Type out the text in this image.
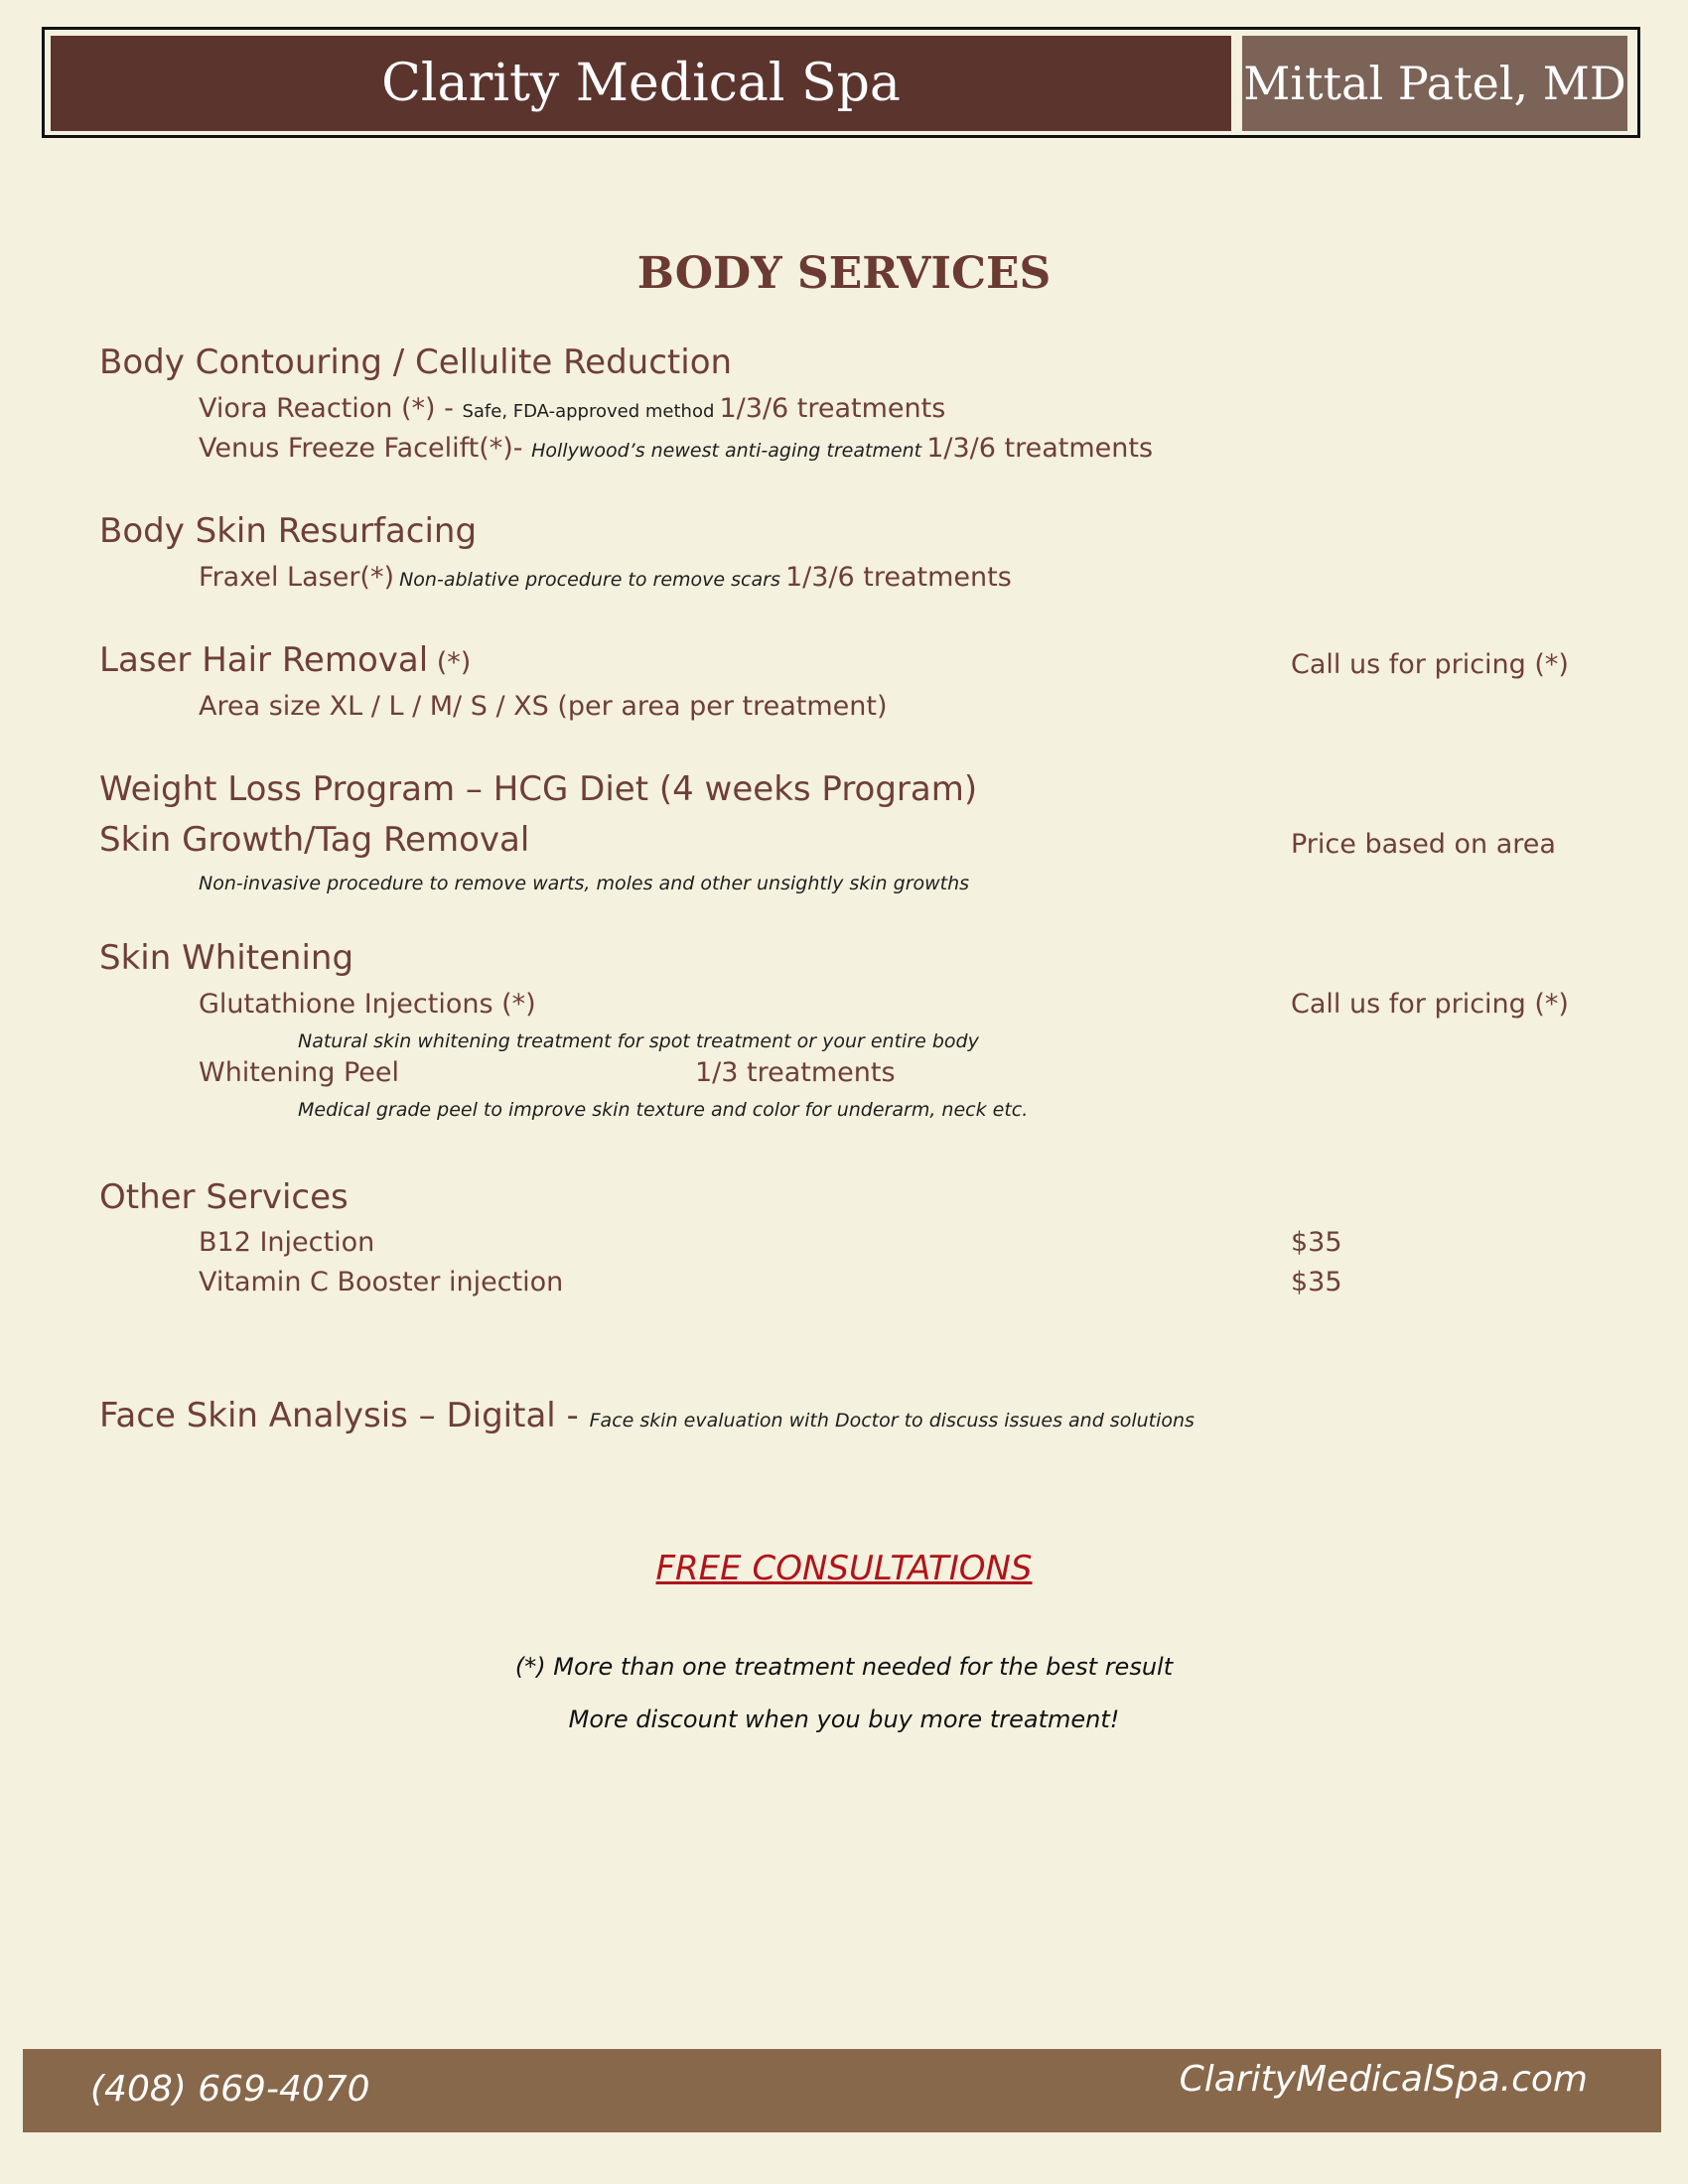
Clarity Medical Spa	Mittal Patel, MD
BODY SERVICES
Body Contouring / Cellulite Reduction
Viora Reaction (*) - Safe, FDA-approved method 1/3/6 treatments
Venus Freeze Facelift(*)- Hollywood’s newest anti-aging treatment 1/3/6 treatments
Body Skin Resurfacing
Fraxel Laser(*) Non-ablative procedure to remove scars 1/3/6 treatments
Laser Hair Removal (*)	Call us for pricing (*)
Area size XL / L / M/ S / XS (per area per treatment)
Weight Loss Program – HCG Diet (4 weeks Program)
Skin Growth/Tag Removal	Price based on area
Non-invasive procedure to remove warts, moles and other unsightly skin growths
Skin Whitening
Glutathione Injections (*)	Call us for pricing (*)
Natural skin whitening treatment for spot treatment or your entire body
Whitening Peel	1/3 treatments
Medical grade peel to improve skin texture and color for underarm, neck etc.
Other Services
B12 Injection	$35
Vitamin C Booster injection	$35
Face Skin Analysis – Digital - Face skin evaluation with Doctor to discuss issues and solutions
FREE CONSULTATIONS
(*) More than one treatment needed for the best result
More discount when you buy more treatment!
(408) 669-4070	ClarityMedicalSpa.com
